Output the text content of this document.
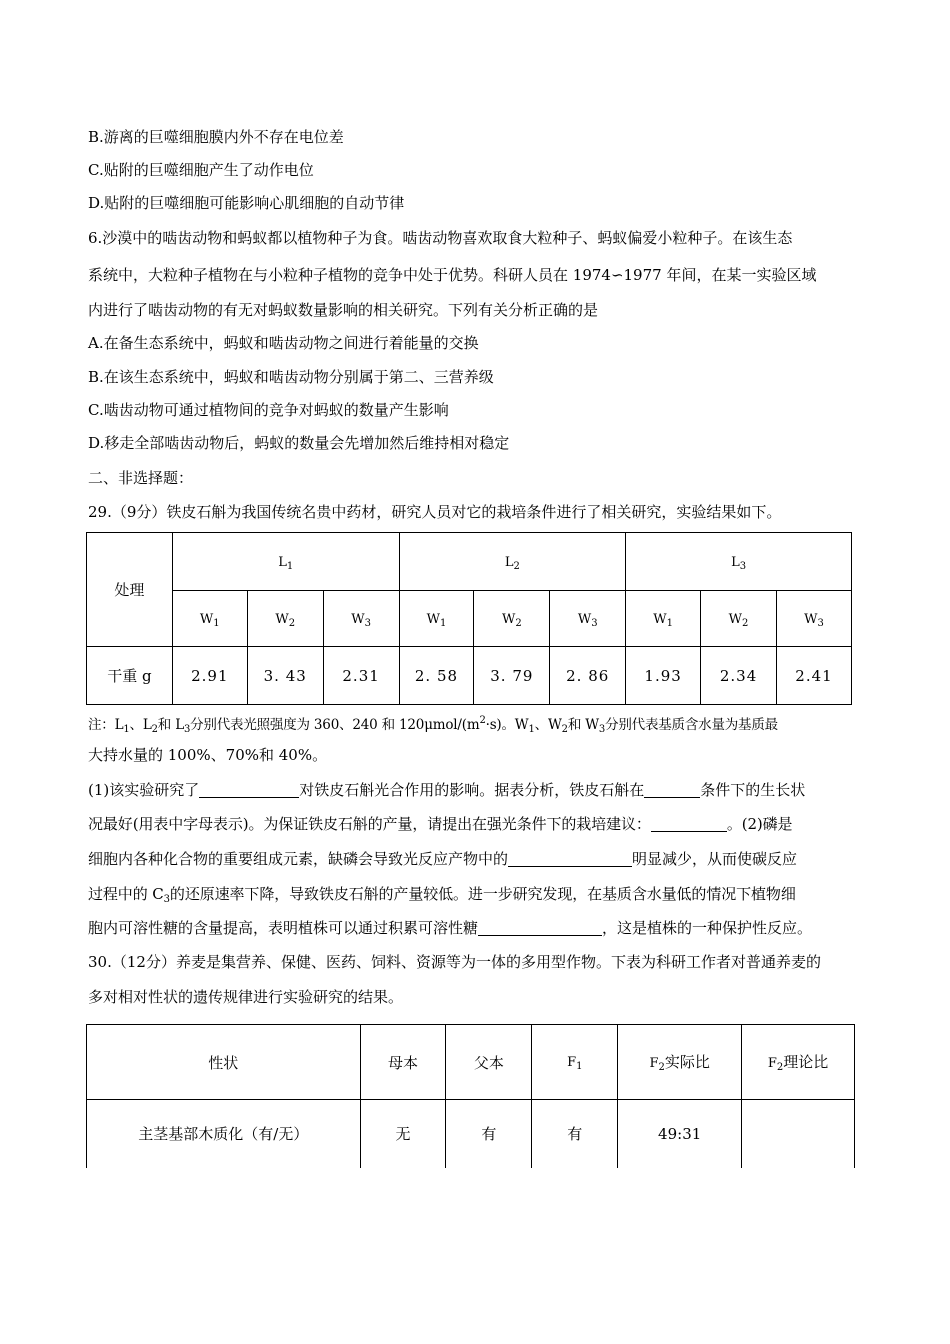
B.游离的巨噬细胞膜内外不存在电位差
C.贴附的巨噬细胞产生了动作电位
D.贴附的巨噬细胞可能影响心肌细胞的自动节律
6.沙漠中的啮齿动物和蚂蚁都以植物种子为食。啮齿动物喜欢取食大粒种子、蚂蚁偏爱小粒种子。在该生态
系统中，大粒种子植物在与小粒种子植物的竞争中处于优势。科研人员在 1974∽1977 年间，在某一实验区域
内进行了啮齿动物的有无对蚂蚁数量影响的相关研究。下列有关分析正确的是
A.在备生态系统中，蚂蚁和啮齿动物之间进行着能量的交换
B.在该生态系统中，蚂蚁和啮齿动物分别属于第二、三营养级
C.啮齿动物可通过植物间的竞争对蚂蚁的数量产生影响
D.移走全部啮齿动物后，蚂蚁的数量会先增加然后维持相对稳定
二、非选择题：
29.（9分）铁皮石斛为我国传统名贵中药材，研究人员对它的栽培条件进行了相关研究，实验结果如下。
处理	$L_1$			$L_2$			$L_3$
	$W_1$	$W_2$	$W_3$	$W_1$	$W_2$	$W_3$	$W_1$	$W_2$	$W_3$
干重 g	2.91	3. 43	2.31	2. 58	3. 79	2. 86	1.93	2.34	2.41
注：$L_1$、$L_2$和 $L_3$分别代表光照强度为 360、240 和 $120\mu mol/(m^2\cdot s)$。$W_1$、$W_2$和 $W_3$分别代表基质含水量为基质最
大持水量的 100%、70%和 40%。
(1)该实验研究了	对铁皮石斛光合作用的影响。据表分析，铁皮石斛在	条件下的生长状
况最好(用表中字母表示)。为保证铁皮石斛的产量，请提出在强光条件下的栽培建议：	。(2)磷是
细胞内各种化合物的重要组成元素，缺磷会导致光反应产物中的	明显减少，从而使碳反应
过程中的 $C_3$的还原速率下降，导致铁皮石斛的产量较低。进一步研究发现，在基质含水量低的情况下植物细
胞内可溶性糖的含量提高，表明植株可以通过积累可溶性糖	，这是植株的一种保护性反应。
30.（12分）养麦是集营养、保健、医药、饲料、资源等为一体的多用型作物。下表为科研工作者对普通养麦的
多对相对性状的遗传规律进行实验研究的结果。
性状	母本	父本	$F_1$	$F_2$实际比	$F_2$理论比
主茎基部木质化（有/无）	无	有	有	49:31	
